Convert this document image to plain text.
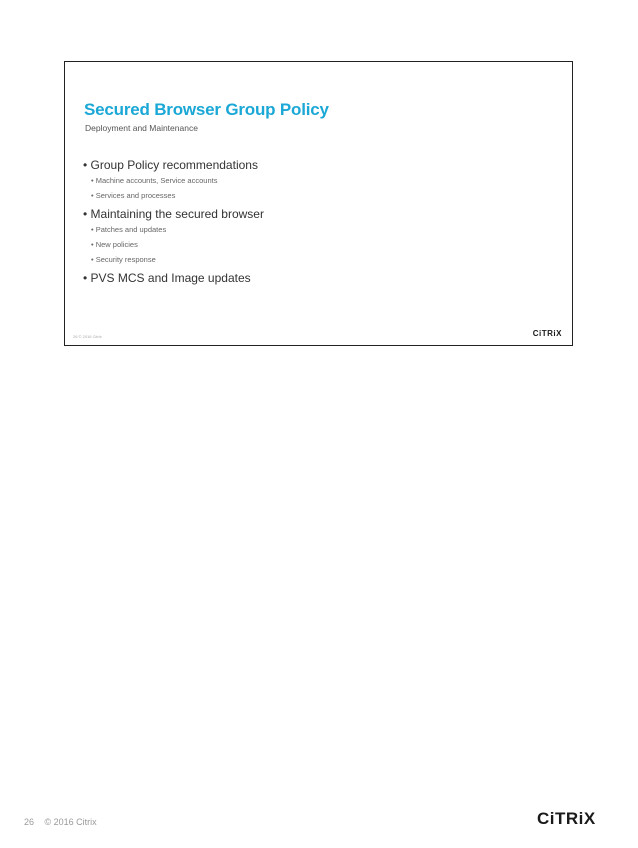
Secured Browser Group Policy
Deployment and Maintenance
• Group Policy recommendations
• Machine accounts, Service accounts
• Services and processes
• Maintaining the secured browser
• Patches and updates
• New policies
• Security response
• PVS MCS and Image updates
26 © 2016 Citrix	CiTRiX
26 © 2016 Citrix	CiTRiX
